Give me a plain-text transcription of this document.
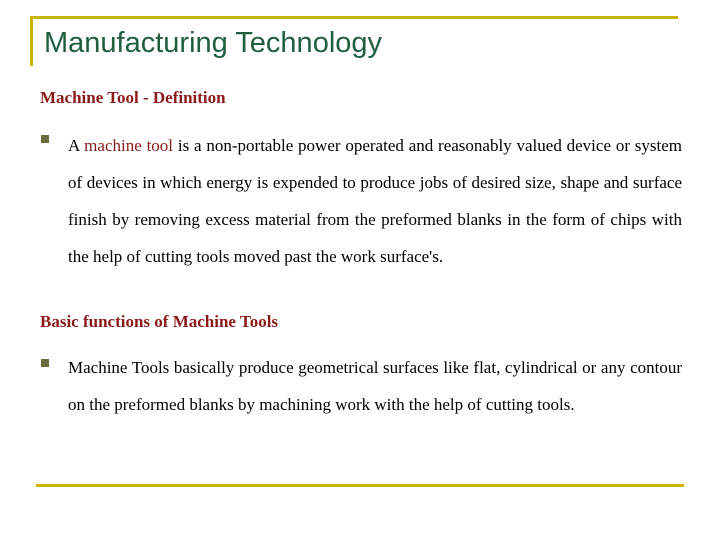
Manufacturing Technology
Machine Tool - Definition

A machine tool is a non-portable power operated and reasonably valued device or system of devices in which energy is expended to produce jobs of desired size, shape and surface finish by removing excess material from the preformed blanks in the form of chips with the help of cutting tools moved past the work surface's.

Basic functions of Machine Tools

Machine Tools basically produce geometrical surfaces like flat, cylindrical or any contour on the preformed blanks by machining work with the help of cutting tools.
